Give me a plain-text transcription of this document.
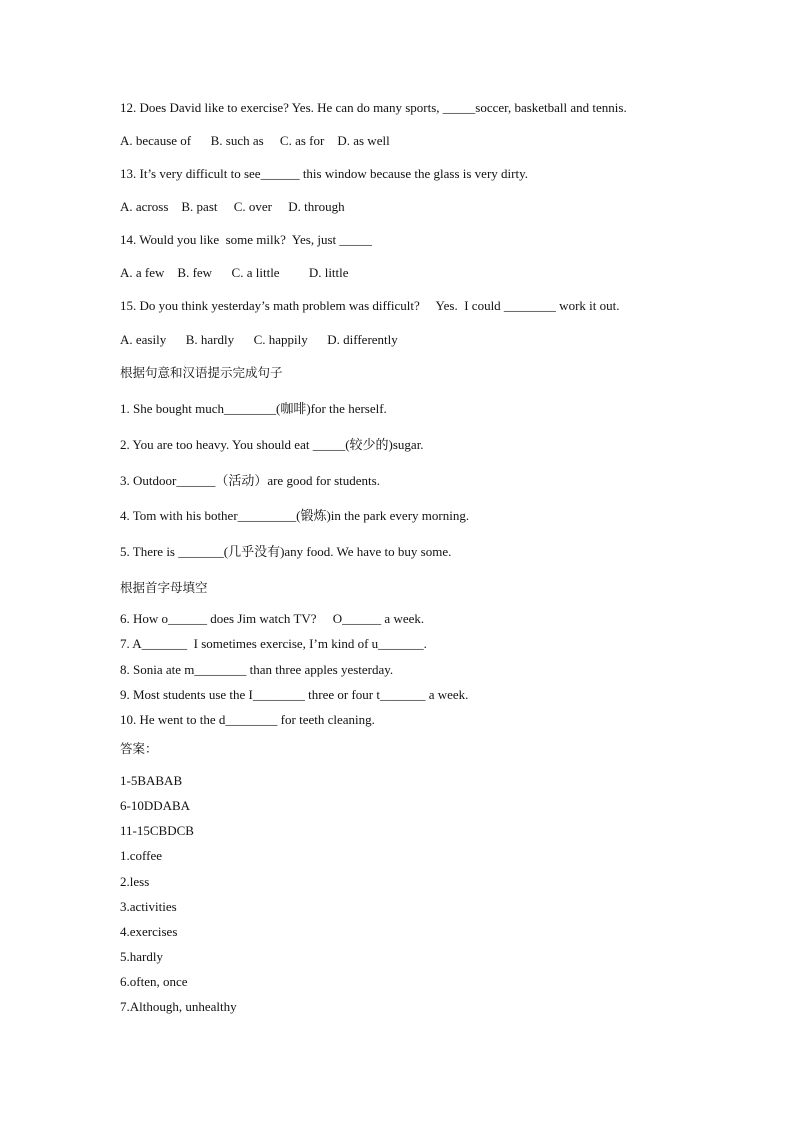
12. Does David like to exercise? Yes. He can do many sports, _____soccer, basketball and tennis.
A. because of      B. such as     C. as for    D. as well
13. It’s very difficult to see______ this window because the glass is very dirty.
A. across    B. past     C. over     D. through
14. Would you like  some milk?  Yes, just _____
A. a few    B. few      C. a little         D. little
15. Do you think yesterday’s math problem was difficult?     Yes.  I could ________ work it out.
A. easily      B. hardly      C. happily      D. differently
根据句意和汉语提示完成句子
1. She bought much________(咖啡)for the herself.
2. You are too heavy. You should eat _____(较少的)sugar.
3. Outdoor______（活动）are good for students.
4. Tom with his bother_________(锻炼)in the park every morning.
5. There is _______(几乎没有)any food. We have to buy some.
根据首字母填空
6. How o______ does Jim watch TV?     O______ a week.
7. A_______  I sometimes exercise, I’m kind of u_______.
8. Sonia ate m________ than three apples yesterday.
9. Most students use the I________ three or four t_______ a week.
10. He went to the d________ for teeth cleaning.
答案：
1-5BABAB
6-10DDABA
11-15CBDCB
1.coffee
2.less
3.activities
4.exercises
5.hardly
6.often, once
7.Although, unhealthy
